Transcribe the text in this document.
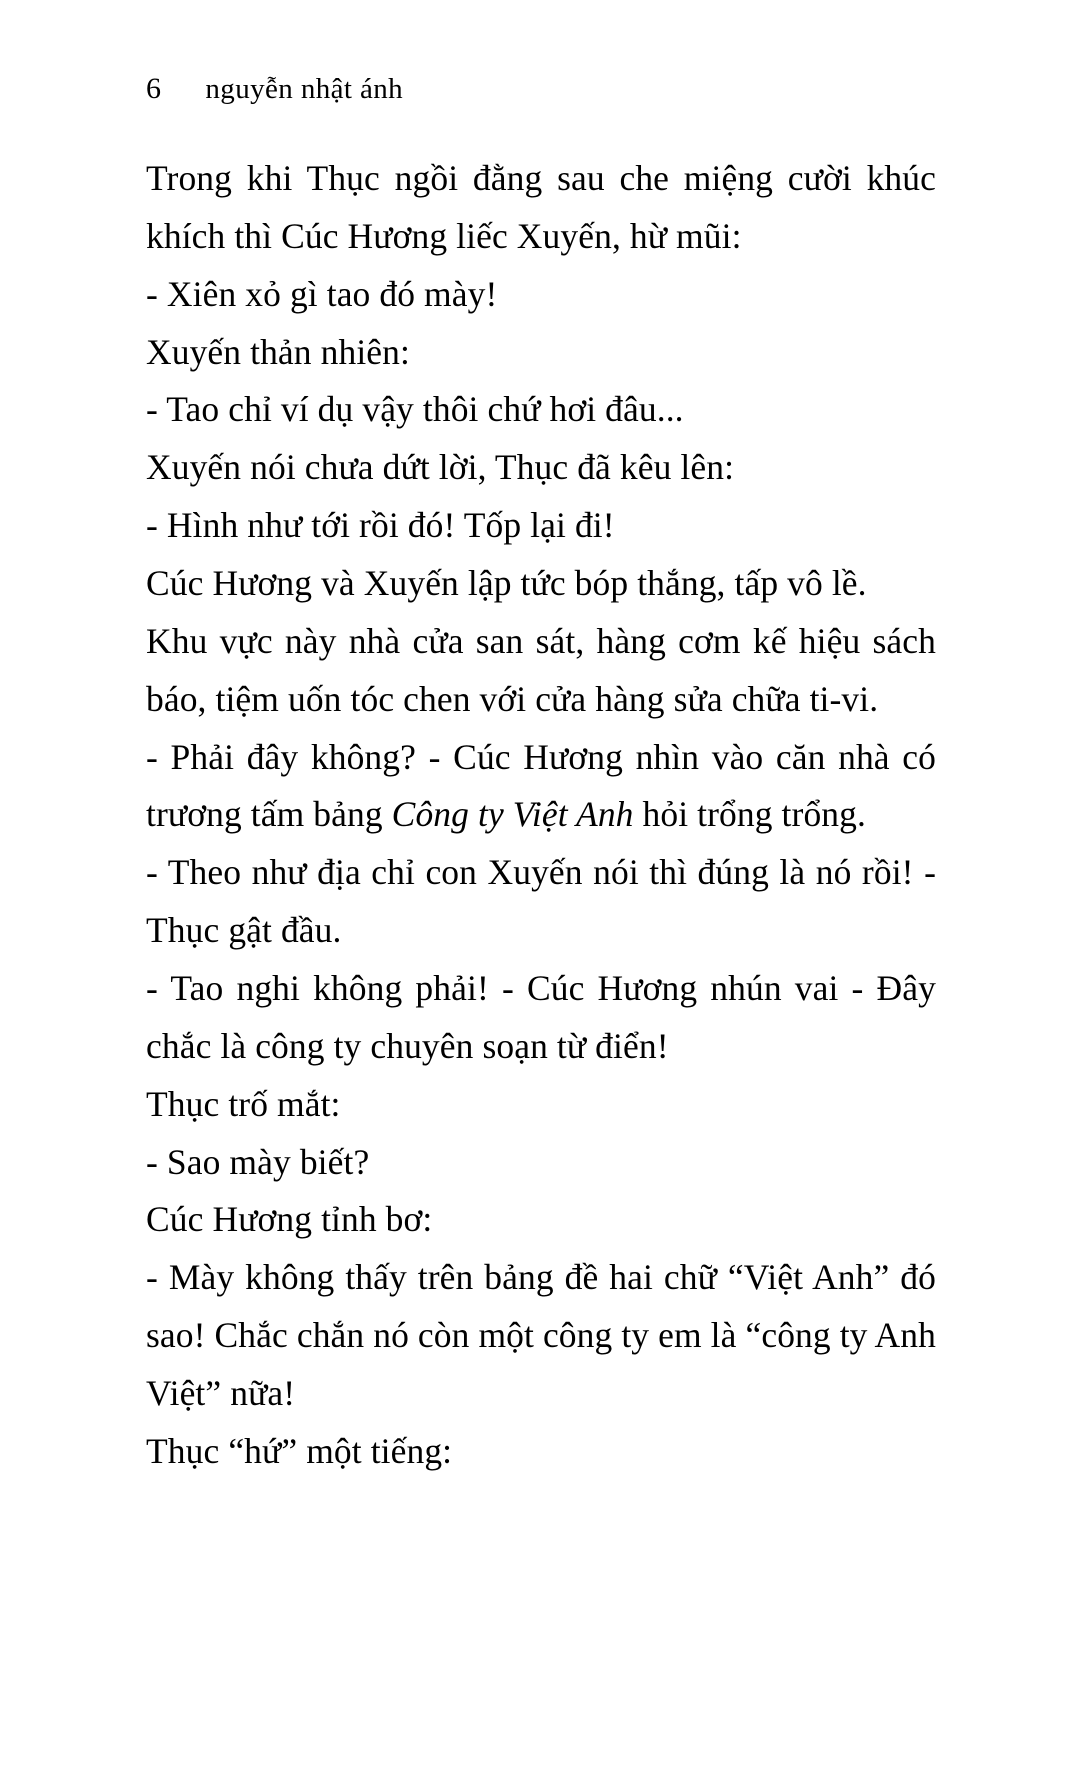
6 nguyễn nhật ánh

Trong khi Thục ngồi đằng sau che miệng cười khúc khích thì Cúc Hương liếc Xuyến, hừ mũi:

- Xiên xỏ gì tao đó mày!

Xuyến thản nhiên:

- Tao chỉ ví dụ vậy thôi chứ hơi đâu...

Xuyến nói chưa dứt lời, Thục đã kêu lên:

- Hình như tới rồi đó! Tốp lại đi!

Cúc Hương và Xuyến lập tức bóp thắng, tấp vô lề.

Khu vực này nhà cửa san sát, hàng cơm kế hiệu sách báo, tiệm uốn tóc chen với cửa hàng sửa chữa ti-vi.

- Phải đây không? - Cúc Hương nhìn vào căn nhà có trương tấm bảng Công ty Việt Anh hỏi trổng trổng.

- Theo như địa chỉ con Xuyến nói thì đúng là nó rồi! - Thục gật đầu.

- Tao nghi không phải! - Cúc Hương nhún vai - Đây chắc là công ty chuyên soạn từ điển!

Thục trố mắt:

- Sao mày biết?

Cúc Hương tỉnh bơ:

- Mày không thấy trên bảng đề hai chữ “Việt Anh” đó sao! Chắc chắn nó còn một công ty em là “công ty Anh Việt” nữa!

Thục “hứ” một tiếng:
